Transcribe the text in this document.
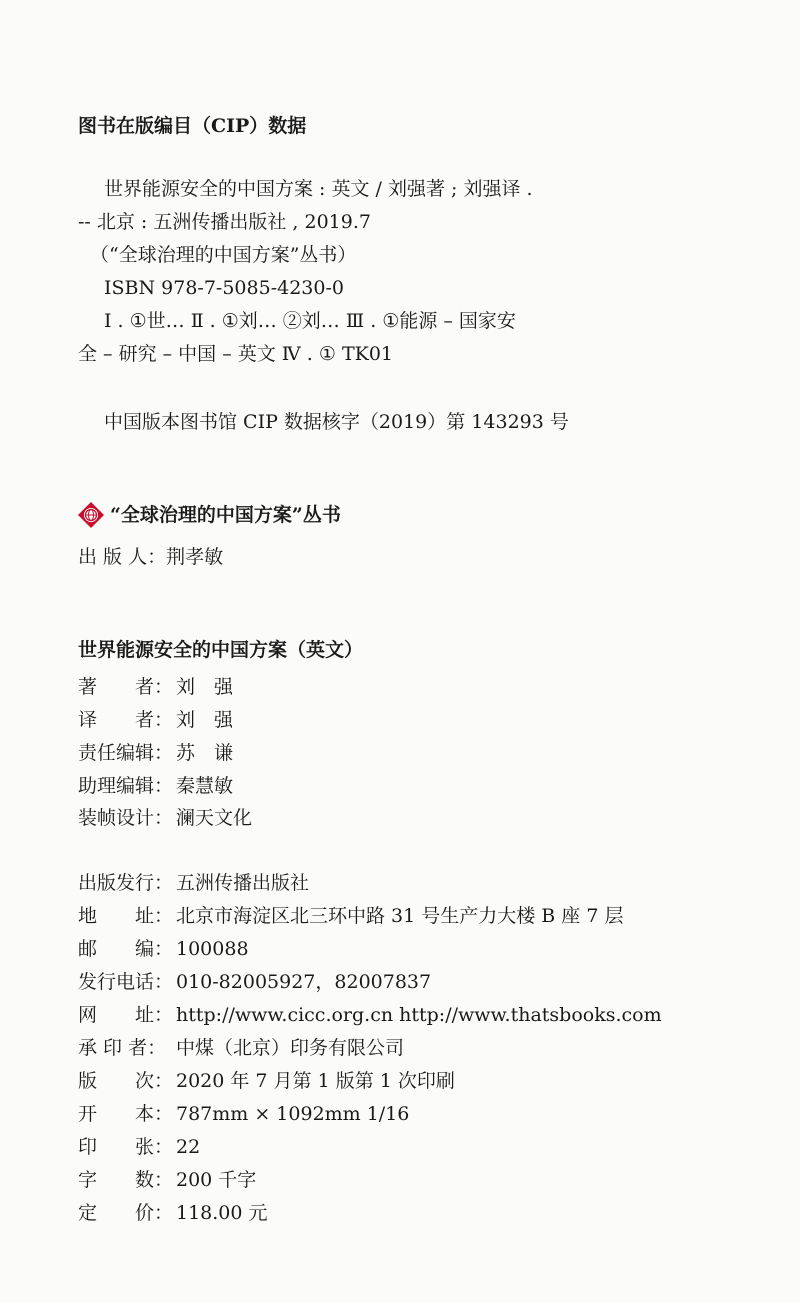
图书在版编目（CIP）数据
世界能源安全的中国方案 : 英文 / 刘强著 ; 刘强译 .
-- 北京 : 五洲传播出版社 , 2019.7
（“全球治理的中国方案”丛书）
ISBN 978-7-5085-4230-0
Ⅰ . ①世… Ⅱ . ①刘… ②刘… Ⅲ . ①能源 – 国家安
全 – 研究 – 中国 – 英文 Ⅳ . ① TK01
中国版本图书馆 CIP 数据核字（2019）第 143293 号
“全球治理的中国方案”丛书
出 版 人：荆孝敏
世界能源安全的中国方案（英文）
著　　者： 刘　强
译　　者： 刘　强
责任编辑： 苏　谦
助理编辑： 秦慧敏
装帧设计： 澜天文化
出版发行： 五洲传播出版社
地　　址： 北京市海淀区北三环中路 31 号生产力大楼 B 座 7 层
邮　　编： 100088
发行电话： 010-82005927，82007837
网　　址： http://www.cicc.org.cn http://www.thatsbooks.com
承 印 者： 中煤（北京）印务有限公司
版　　次： 2020 年 7 月第 1 版第 1 次印刷
开　　本： 787mm × 1092mm 1/16
印　　张： 22
字　　数： 200 千字
定　　价： 118.00 元
